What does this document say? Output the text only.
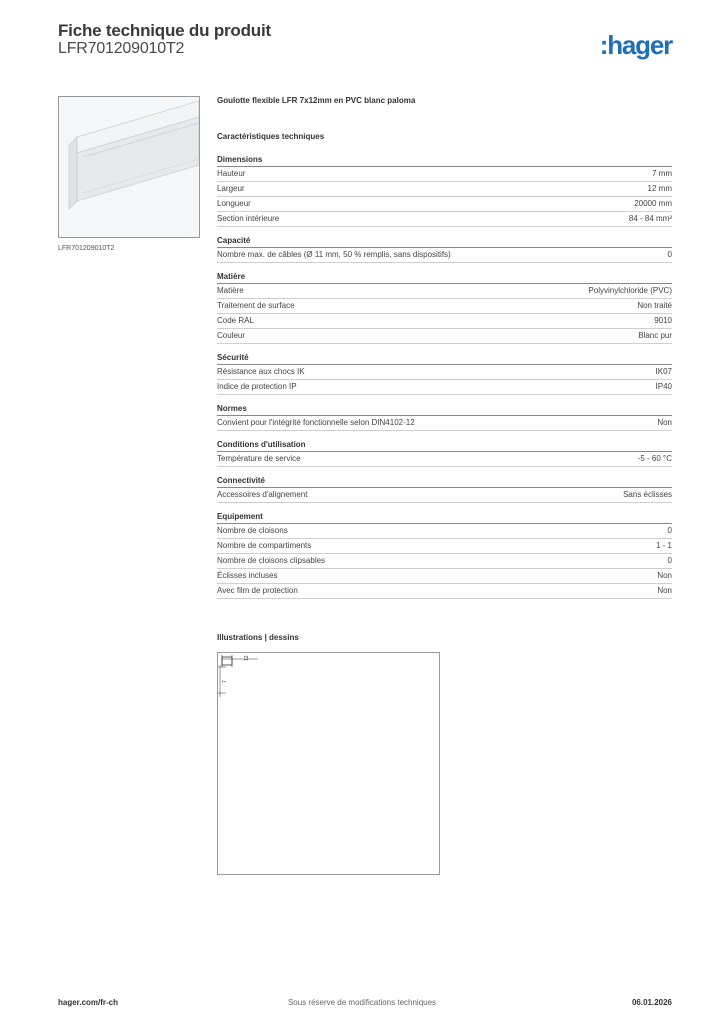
Fiche technique du produit
LFR701209010T2	:hager
LFR701209010T2
Goulotte flexible LFR 7x12mm en PVC blanc paloma
Caractéristiques techniques
Dimensions
Hauteur	7 mm
Largeur	12 mm
Longueur	20000 mm
Section intérieure	84 - 84 mm²
Capacité
Nombre max. de câbles (Ø 11 mm, 50 % remplis, sans dispositifs)	0
Matière
Matière	Polyvinylchloride (PVC)
Traitement de surface	Non traité
Code RAL	9010
Couleur	Blanc pur
Sécurité
Résistance aux chocs IK	IK07
Indice de protection IP	IP40
Normes
Convient pour l'intégrité fonctionnelle selon DIN4102-12	Non
Conditions d'utilisation
Température de service	-5 - 60 °C
Connectivité
Accessoires d'alignement	Sans éclisses
Equipement
Nombre de cloisons	0
Nombre de compartiments	1 - 1
Nombre de cloisons clipsables	0
Éclisses incluses	Non
Avec film de protection	Non
Illustrations | dessins
12
7
hager.com/fr-ch	Sous réserve de modifications techniques	06.01.2026
